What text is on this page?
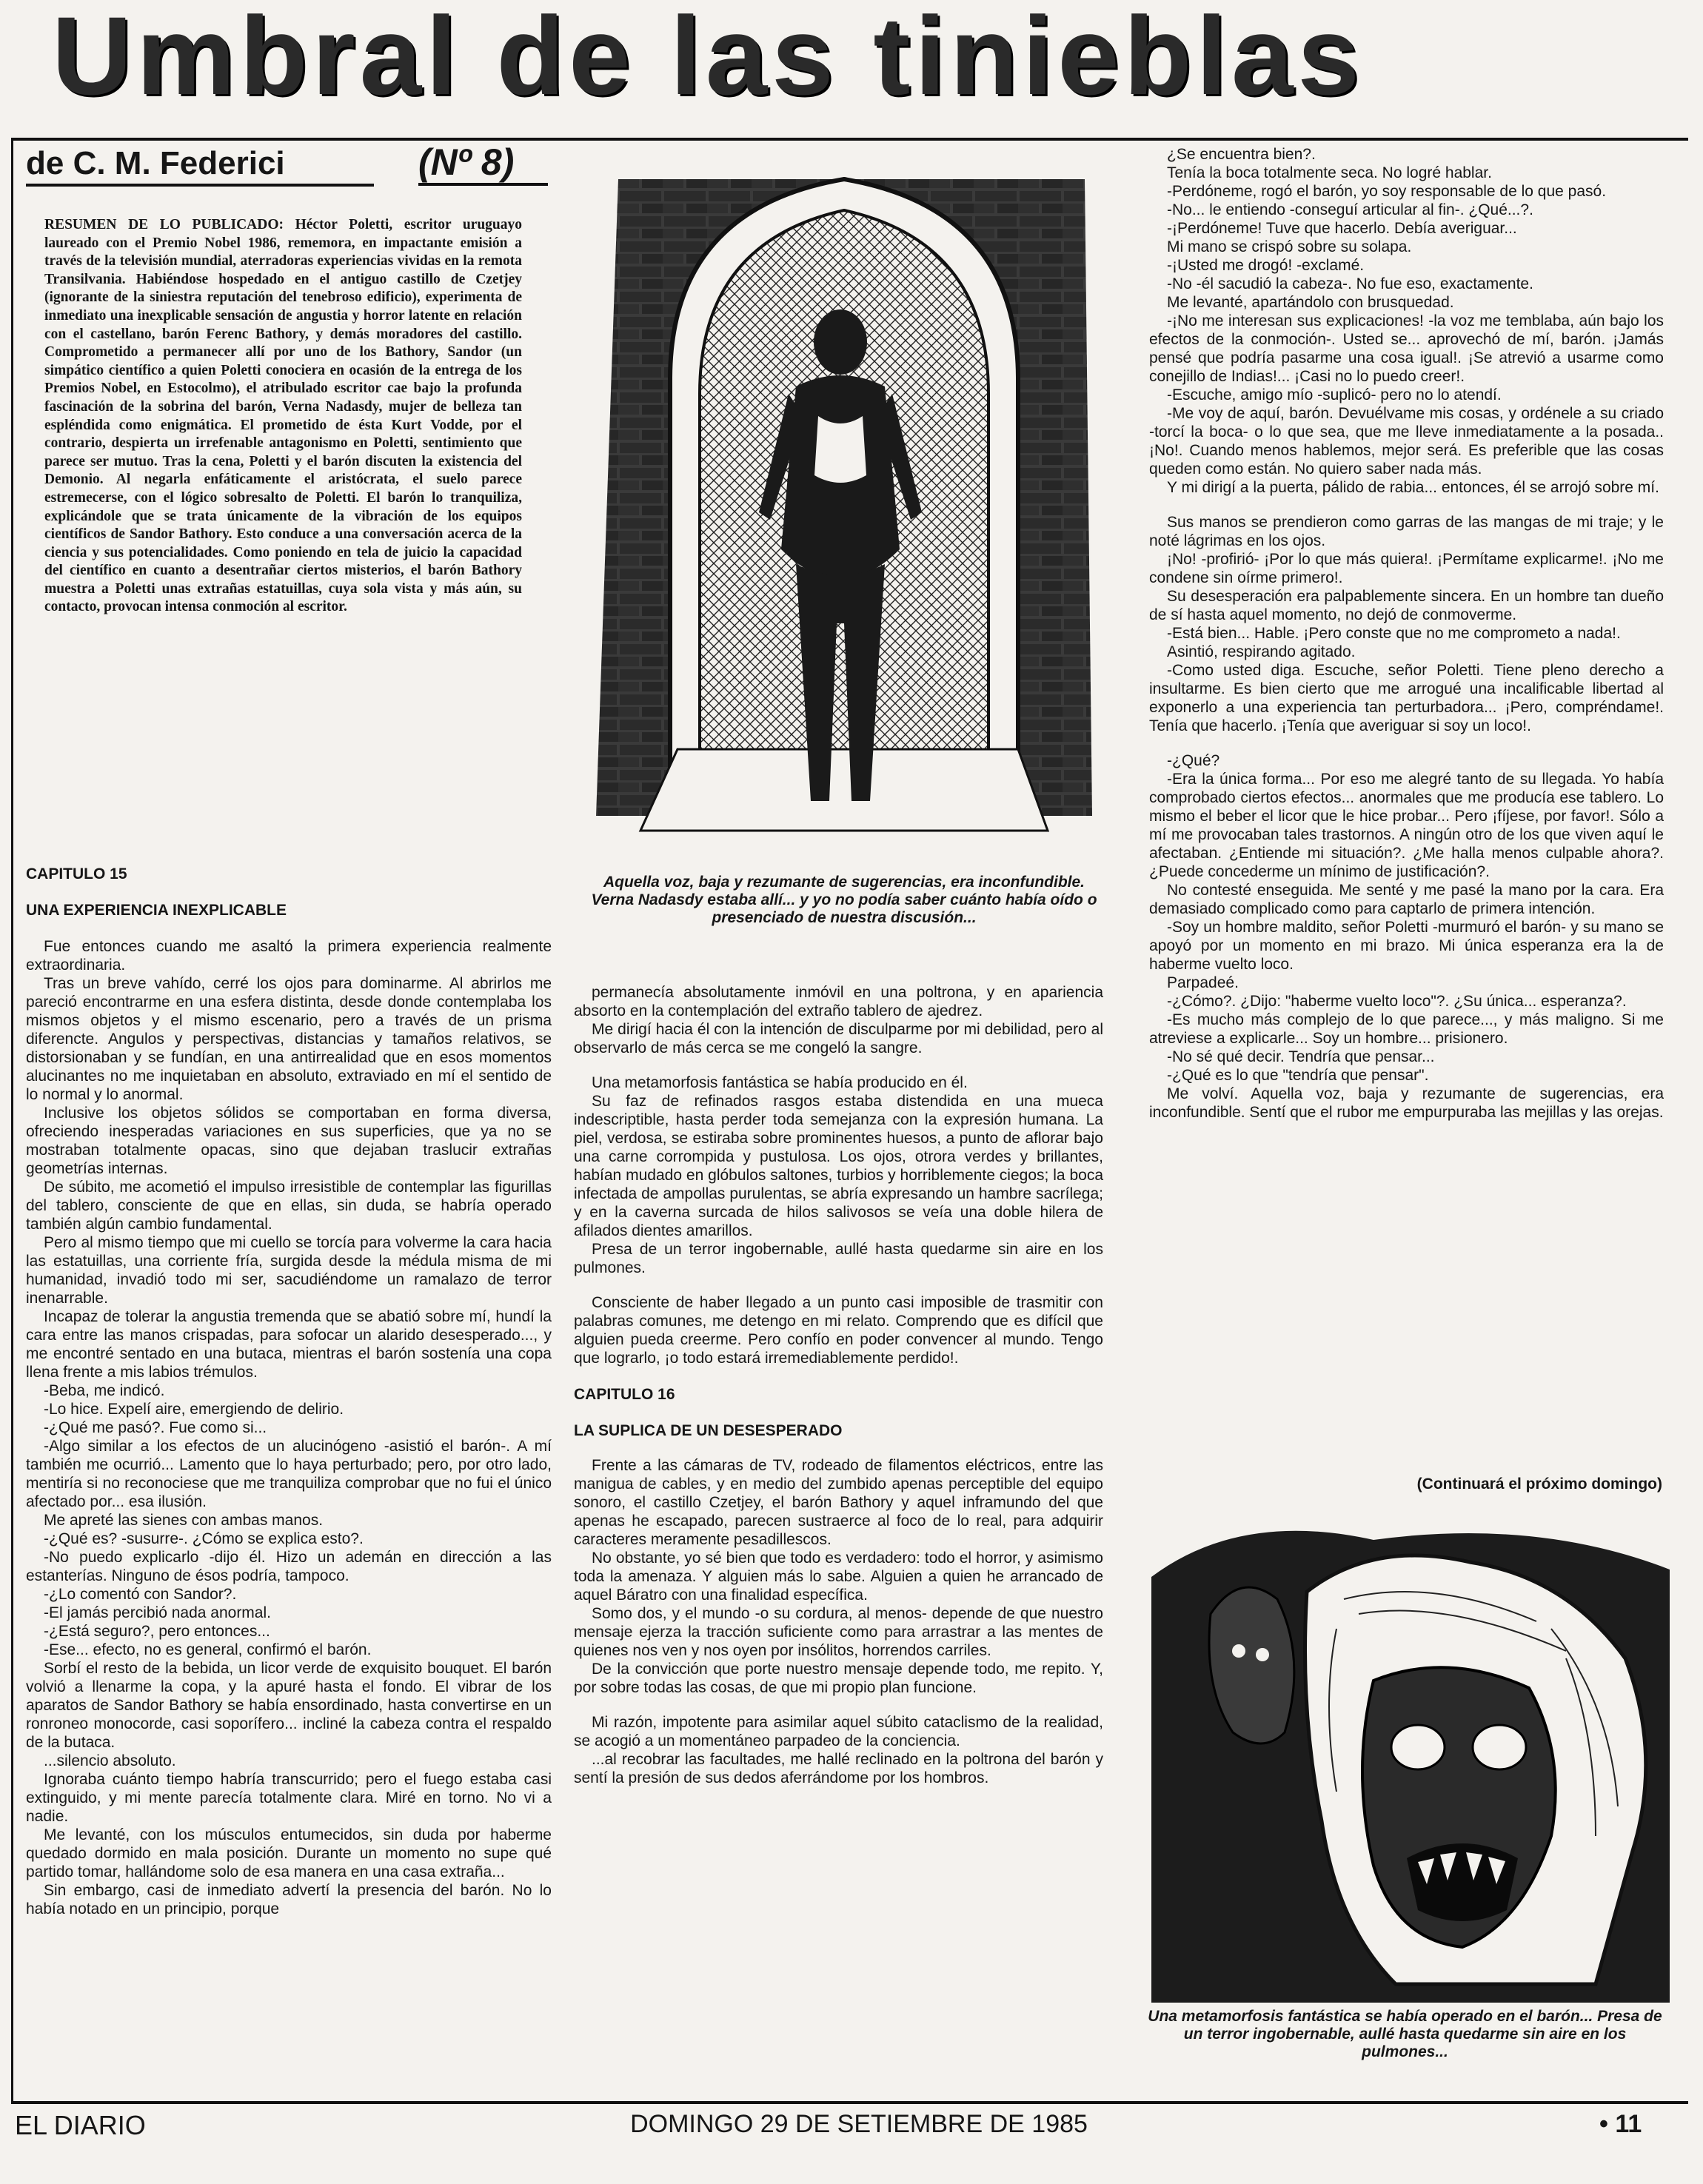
Umbral de las tinieblas
de C. M. Federici	(Nº 8)
RESUMEN DE LO PUBLICADO: Héctor Poletti, escritor uruguayo laureado con el Premio Nobel 1986, rememora, en impactante emisión a través de la televisión mundial, aterradoras experiencias vividas en la remota Transilvania. Habiéndose hospedado en el antiguo castillo de Czetjey (ignorante de la siniestra reputación del tenebroso edificio), experimenta de inmediato una inexplicable sensación de angustia y horror latente en relación con el castellano, barón Ferenc Bathory, y demás moradores del castillo. Comprometido a permanecer allí por uno de los Bathory, Sandor (un simpático científico a quien Poletti conociera en ocasión de la entrega de los Premios Nobel, en Estocolmo), el atribulado escritor cae bajo la profunda fascinación de la sobrina del barón, Verna Nadasdy, mujer de belleza tan espléndida como enigmática. El prometido de ésta Kurt Vodde, por el contrario, despierta un irrefenable antagonismo en Poletti, sentimiento que parece ser mutuo. Tras la cena, Poletti y el barón discuten la existencia del Demonio. Al negarla enfáticamente el aristócrata, el suelo parece estremecerse, con el lógico sobresalto de Poletti. El barón lo tranquiliza, explicándole que se trata únicamente de la vibración de los equipos científicos de Sandor Bathory. Esto conduce a una conversación acerca de la ciencia y sus potencialidades. Como poniendo en tela de juicio la capacidad del científico en cuanto a desentrañar ciertos misterios, el barón Bathory muestra a Poletti unas extrañas estatuillas, cuya sola vista y más aún, su contacto, provocan intensa conmoción al escritor.
Aquella voz, baja y rezumante de sugerencias, era inconfundible. Verna Nadasdy estaba allí... y yo no podía saber cuánto había oído o presenciado de nuestra discusión...
CAPITULO 15
UNA EXPERIENCIA INEXPLICABLE

Fue entonces cuando me asaltó la primera experiencia realmente extraordinaria.

Tras un breve vahído, cerré los ojos para dominarme. Al abrirlos me pareció encontrarme en una esfera distinta, desde donde contemplaba los mismos objetos y el mismo escenario, pero a través de un prisma diferencte. Angulos y perspectivas, distancias y tamaños relativos, se distorsionaban y se fundían, en una antirrealidad que en esos momentos alucinantes no me inquietaban en absoluto, extraviado en mí el sentido de lo normal y lo anormal.

Inclusive los objetos sólidos se comportaban en forma diversa, ofreciendo inesperadas variaciones en sus superficies, que ya no se mostraban totalmente opacas, sino que dejaban traslucir extrañas geometrías internas.

De súbito, me acometió el impulso irresistible de contemplar las figurillas del tablero, consciente de que en ellas, sin duda, se habría operado también algún cambio fundamental.

Pero al mismo tiempo que mi cuello se torcía para volverme la cara hacia las estatuillas, una corriente fría, surgida desde la médula misma de mi humanidad, invadió todo mi ser, sacudiéndome un ramalazo de terror inenarrable.

Incapaz de tolerar la angustia tremenda que se abatió sobre mí, hundí la cara entre las manos crispadas, para sofocar un alarido desesperado..., y me encontré sentado en una butaca, mientras el barón sostenía una copa llena frente a mis labios trémulos.

-Beba, me indicó.

-Lo hice. Expelí aire, emergiendo de delirio.

-¿Qué me pasó?. Fue como si...

-Algo similar a los efectos de un alucinógeno -asistió el barón-. A mí también me ocurrió... Lamento que lo haya perturbado; pero, por otro lado, mentiría si no reconociese que me tranquiliza comprobar que no fui el único afectado por... esa ilusión.

Me apreté las sienes con ambas manos.

-¿Qué es? -susurre-. ¿Cómo se explica esto?.

-No puedo explicarlo -dijo él. Hizo un ademán en dirección a las estanterías. Ninguno de ésos podría, tampoco.

-¿Lo comentó con Sandor?.

-El jamás percibió nada anormal.

-¿Está seguro?, pero entonces...

-Ese... efecto, no es general, confirmó el barón.

Sorbí el resto de la bebida, un licor verde de exquisito bouquet. El barón volvió a llenarme la copa, y la apuré hasta el fondo. El vibrar de los aparatos de Sandor Bathory se había ensordinado, hasta convertirse en un ronroneo monocorde, casi soporífero... incliné la cabeza contra el respaldo de la butaca.

...silencio absoluto.

Ignoraba cuánto tiempo habría transcurrido; pero el fuego estaba casi extinguido, y mi mente parecía totalmente clara. Miré en torno. No vi a nadie.

Me levanté, con los músculos entumecidos, sin duda por haberme quedado dormido en mala posición. Durante un momento no supe qué partido tomar, hallándome solo de esa manera en una casa extraña...

Sin embargo, casi de inmediato advertí la presencia del barón. No lo había notado en un principio, porque

permanecía absolutamente inmóvil en una poltrona, y en apariencia absorto en la contemplación del extraño tablero de ajedrez.

Me dirigí hacia él con la intención de disculparme por mi debilidad, pero al observarlo de más cerca se me congeló la sangre.

Una metamorfosis fantástica se había producido en él.

Su faz de refinados rasgos estaba distendida en una mueca indescriptible, hasta perder toda semejanza con la expresión humana. La piel, verdosa, se estiraba sobre prominentes huesos, a punto de aflorar bajo una carne corrompida y pustulosa. Los ojos, otrora verdes y brillantes, habían mudado en glóbulos saltones, turbios y horriblemente ciegos; la boca infectada de ampollas purulentas, se abría expresando un hambre sacrílega; y en la caverna surcada de hilos salivosos se veía una doble hilera de afilados dientes amarillos.

Presa de un terror ingobernable, aullé hasta quedarme sin aire en los pulmones.

Consciente de haber llegado a un punto casi imposible de trasmitir con palabras comunes, me detengo en mi relato. Comprendo que es difícil que alguien pueda creerme. Pero confío en poder convencer al mundo. Tengo que lograrlo, ¡o todo estará irremediablemente perdido!.

CAPITULO 16
LA SUPLICA DE UN DESESPERADO

Frente a las cámaras de TV, rodeado de filamentos eléctricos, entre las manigua de cables, y en medio del zumbido apenas perceptible del equipo sonoro, el castillo Czetjey, el barón Bathory y aquel inframundo del que apenas he escapado, parecen sustraerce al foco de lo real, para adquirir caracteres meramente pesadillescos.

No obstante, yo sé bien que todo es verdadero: todo el horror, y asimismo toda la amenaza. Y alguien más lo sabe. Alguien a quien he arrancado de aquel Báratro con una finalidad específica.

Somo dos, y el mundo -o su cordura, al menos- depende de que nuestro mensaje ejerza la tracción suficiente como para arrastrar a las mentes de quienes nos ven y nos oyen por insólitos, horrendos carriles.

De la convicción que porte nuestro mensaje depende todo, me repito. Y, por sobre todas las cosas, de que mi propio plan funcione.

Mi razón, impotente para asimilar aquel súbito cataclismo de la realidad, se acogió a un momentáneo parpadeo de la conciencia.

...al recobrar las facultades, me hallé reclinado en la poltrona del barón y sentí la presión de sus dedos aferrándome por los hombros.

¿Se encuentra bien?.

Tenía la boca totalmente seca. No logré hablar.

-Perdóneme, rogó el barón, yo soy responsable de lo que pasó.

-No... le entiendo -conseguí articular al fin-. ¿Qué...?.

-¡Perdóneme! Tuve que hacerlo. Debía averiguar...

Mi mano se crispó sobre su solapa.

-¡Usted me drogó! -exclamé.

-No -él sacudió la cabeza-. No fue eso, exactamente.

Me levanté, apartándolo con brusquedad.

-¡No me interesan sus explicaciones! -la voz me temblaba, aún bajo los efectos de la conmoción-. Usted se... aprovechó de mí, barón. ¡Jamás pensé que podría pasarme una cosa igual!. ¡Se atrevió a usarme como conejillo de Indias!... ¡Casi no lo puedo creer!.

-Escuche, amigo mío -suplicó- pero no lo atendí.

-Me voy de aquí, barón. Devuélvame mis cosas, y ordénele a su criado -torcí la boca- o lo que sea, que me lleve inmediatamente a la posada..¡No!. Cuando menos hablemos, mejor será. Es preferible que las cosas queden como están. No quiero saber nada más.

Y mi dirigí a la puerta, pálido de rabia... entonces, él se arrojó sobre mí.

Sus manos se prendieron como garras de las mangas de mi traje; y le noté lágrimas en los ojos.

¡No! -profirió- ¡Por lo que más quiera!. ¡Permítame explicarme!. ¡No me condene sin oírme primero!.

Su desesperación era palpablemente sincera. En un hombre tan dueño de sí hasta aquel momento, no dejó de conmoverme.

-Está bien... Hable. ¡Pero conste que no me comprometo a nada!.

Asintió, respirando agitado.

-Como usted diga. Escuche, señor Poletti. Tiene pleno derecho a insultarme. Es bien cierto que me arrogué una incalificable libertad al exponerlo a una experiencia tan perturbadora... ¡Pero, compréndame!. Tenía que hacerlo. ¡Tenía que averiguar si soy un loco!.

-¿Qué?

-Era la única forma... Por eso me alegré tanto de su llegada. Yo había comprobado ciertos efectos... anormales que me producía ese tablero. Lo mismo el beber el licor que le hice probar... Pero ¡fíjese, por favor!. Sólo a mí me provocaban tales trastornos. A ningún otro de los que viven aquí le afectaban. ¿Entiende mi situación?. ¿Me halla menos culpable ahora?. ¿Puede concederme un mínimo de justificación?.

No contesté enseguida. Me senté y me pasé la mano por la cara. Era demasiado complicado como para captarlo de primera intención.

-Soy un hombre maldito, señor Poletti -murmuró el barón- y su mano se apoyó por un momento en mi brazo. Mi única esperanza era la de haberme vuelto loco.

Parpadeé.

-¿Cómo?. ¿Dijo: "haberme vuelto loco"?. ¿Su única... esperanza?.

-Es mucho más complejo de lo que parece..., y más maligno. Si me atreviese a explicarle... Soy un hombre... prisionero.

-No sé qué decir. Tendría que pensar...

-¿Qué es lo que "tendría que pensar".

Me volví. Aquella voz, baja y rezumante de sugerencias, era inconfundible. Sentí que el rubor me empurpuraba las mejillas y las orejas.

(Continuará el próximo domingo)
Una metamorfosis fantástica se había operado en el barón... Presa de un terror ingobernable, aullé hasta quedarme sin aire en los pulmones...
EL DIARIO	DOMINGO 29 DE SETIEMBRE DE 1985	• 11
